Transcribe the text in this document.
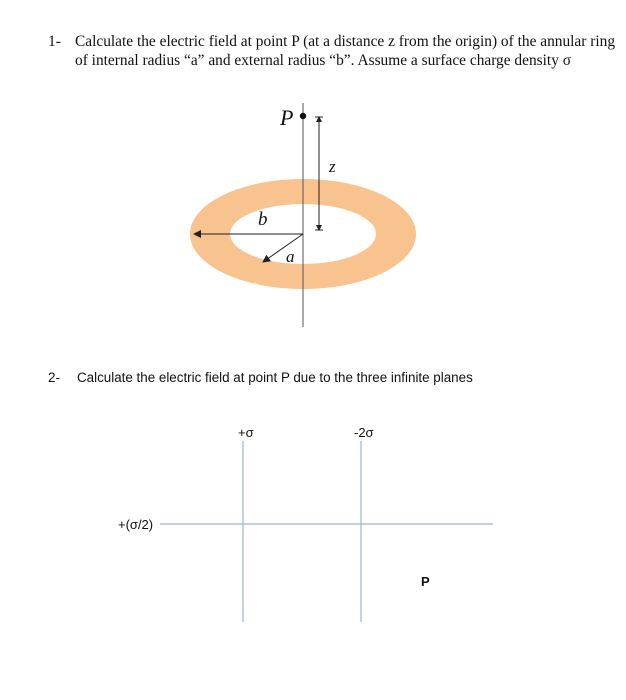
1- Calculate the electric field at point P (at a distance z from the origin) of the annular ring
of internal radius “a” and external radius “b”. Assume a surface charge density σ
P
z
b
a
2- Calculate the electric field at point P due to the three infinite planes
+σ	-2σ
+(σ/2)
P
